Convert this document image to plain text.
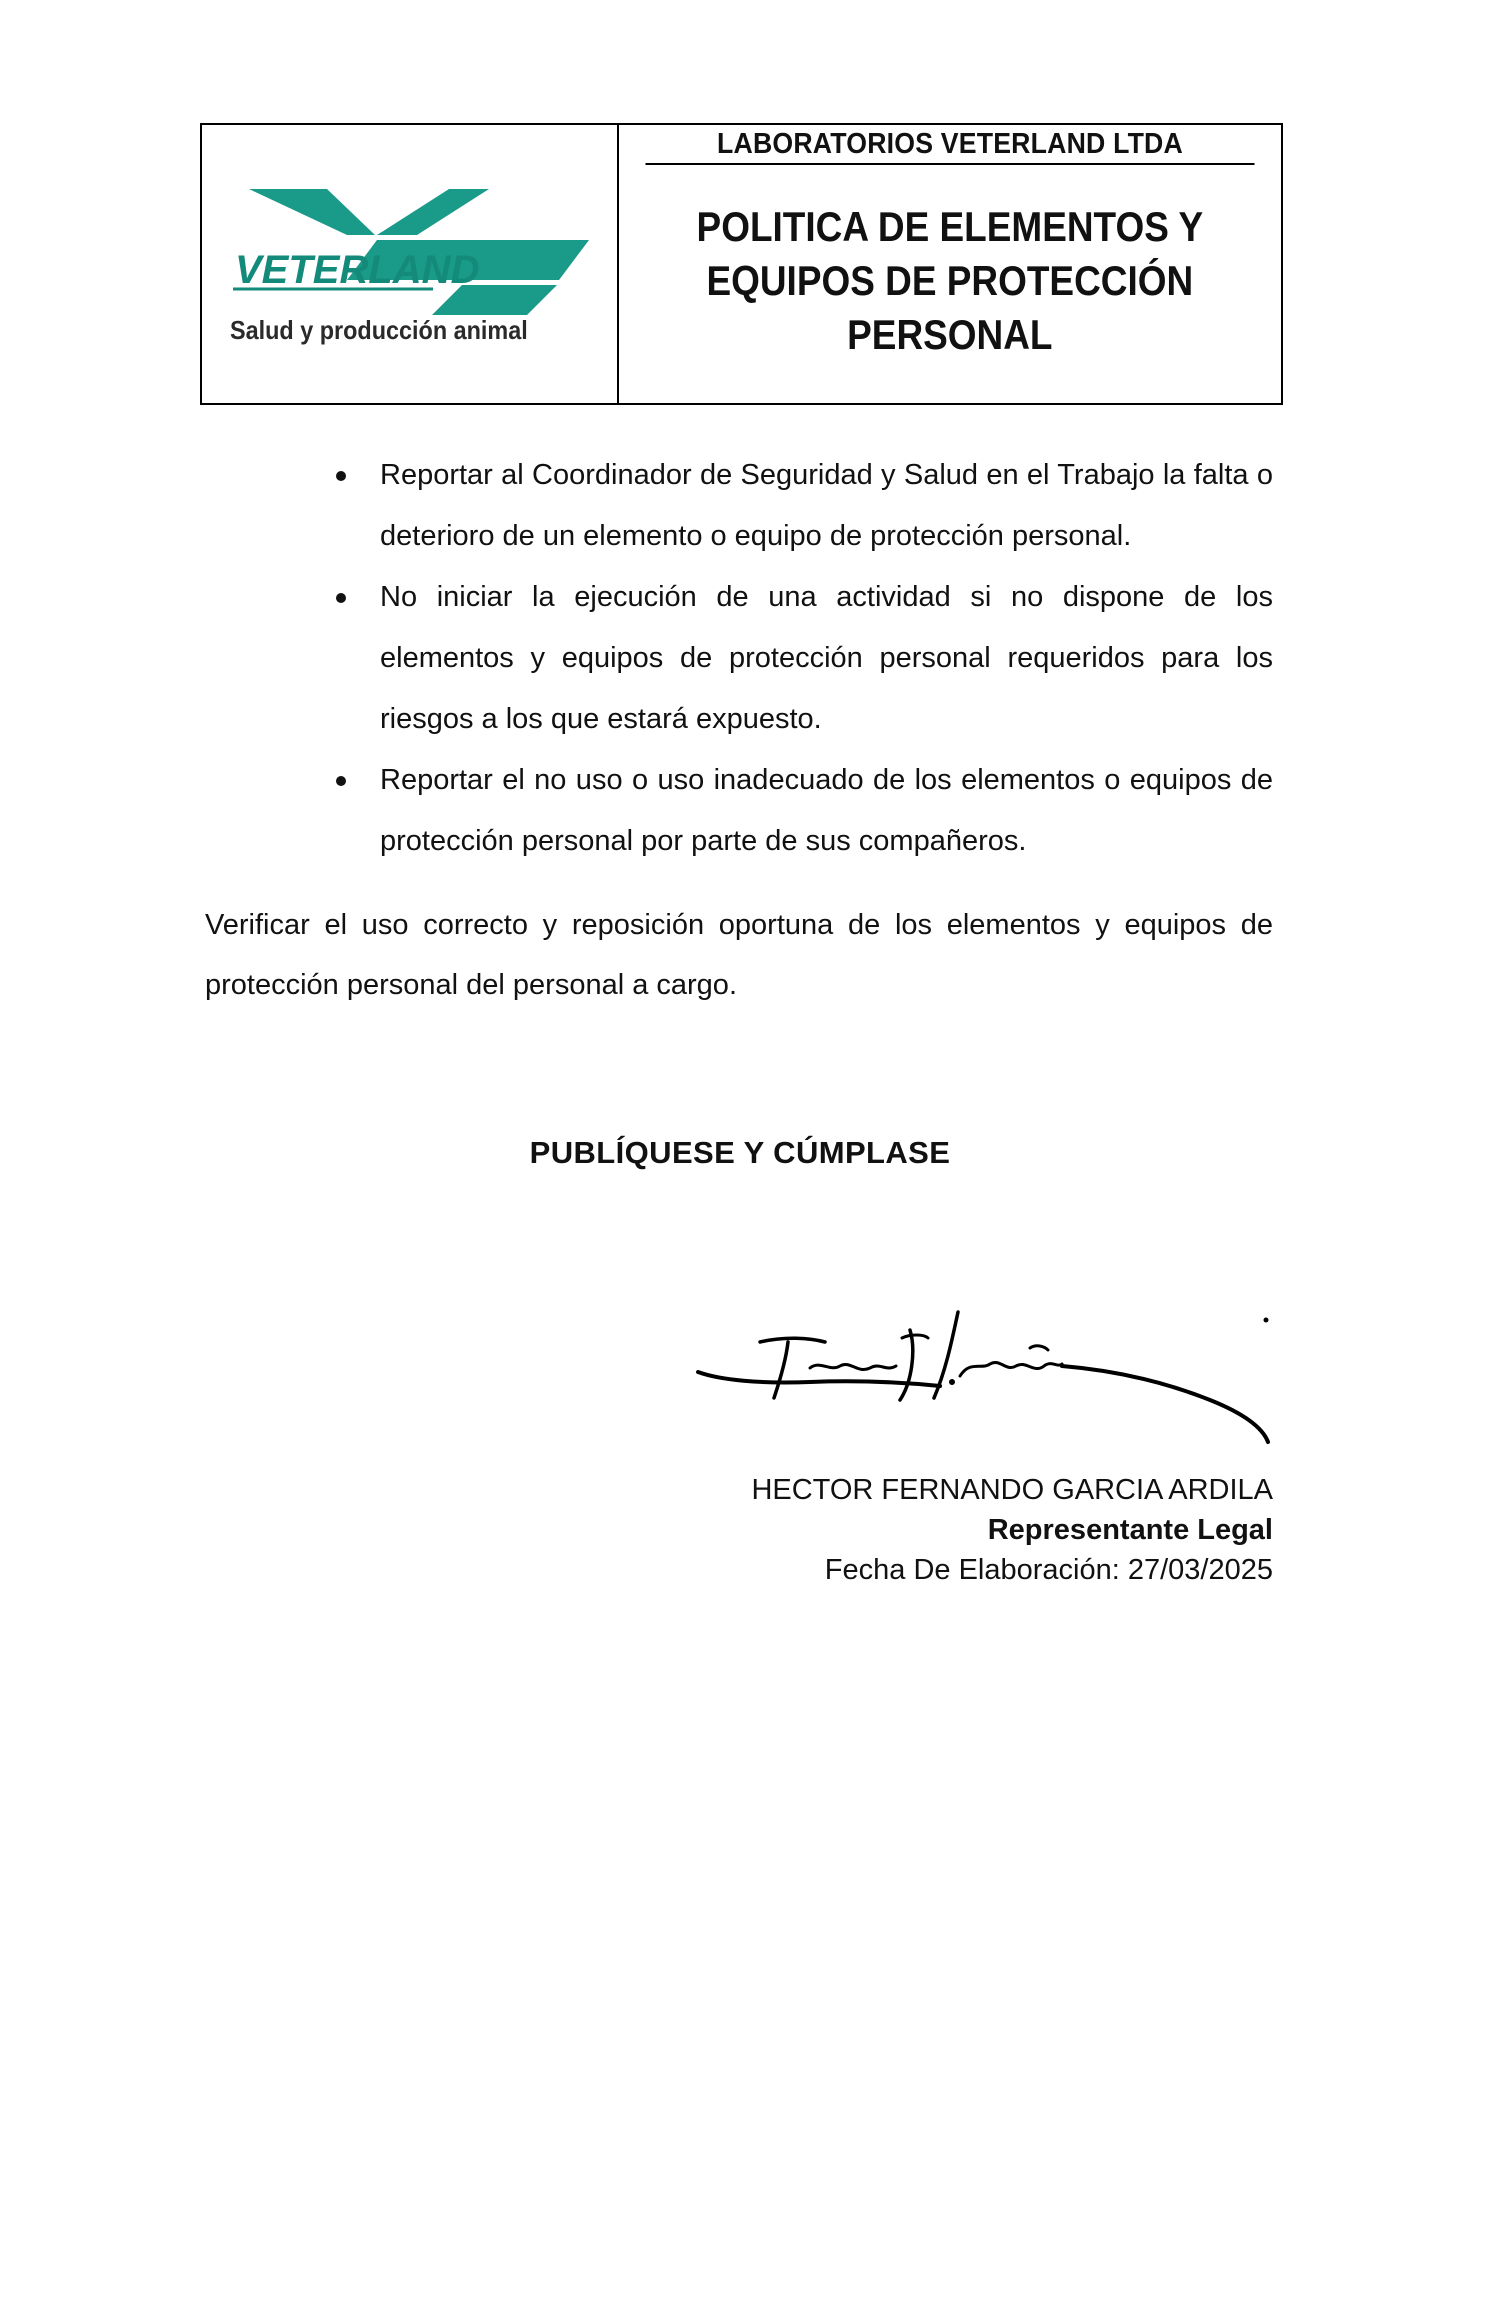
VETERLAND
Salud y producción animal
LABORATORIOS VETERLAND LTDA
POLITICA DE ELEMENTOS Y
EQUIPOS DE PROTECCIÓN
PERSONAL
Reportar al Coordinador de Seguridad y Salud en el Trabajo la falta o deterioro de un elemento o equipo de protección personal.
No iniciar la ejecución de una actividad si no dispone de los elementos y equipos de protección personal requeridos para los riesgos a los que estará expuesto.
Reportar el no uso o uso inadecuado de los elementos o equipos de protección personal por parte de sus compañeros.

Verificar el uso correcto y reposición oportuna de los elementos y equipos de protección personal del personal a cargo.

PUBLÍQUESE Y CÚMPLASE
HECTOR FERNANDO GARCIA ARDILA
Representante Legal
Fecha De Elaboración: 27/03/2025
